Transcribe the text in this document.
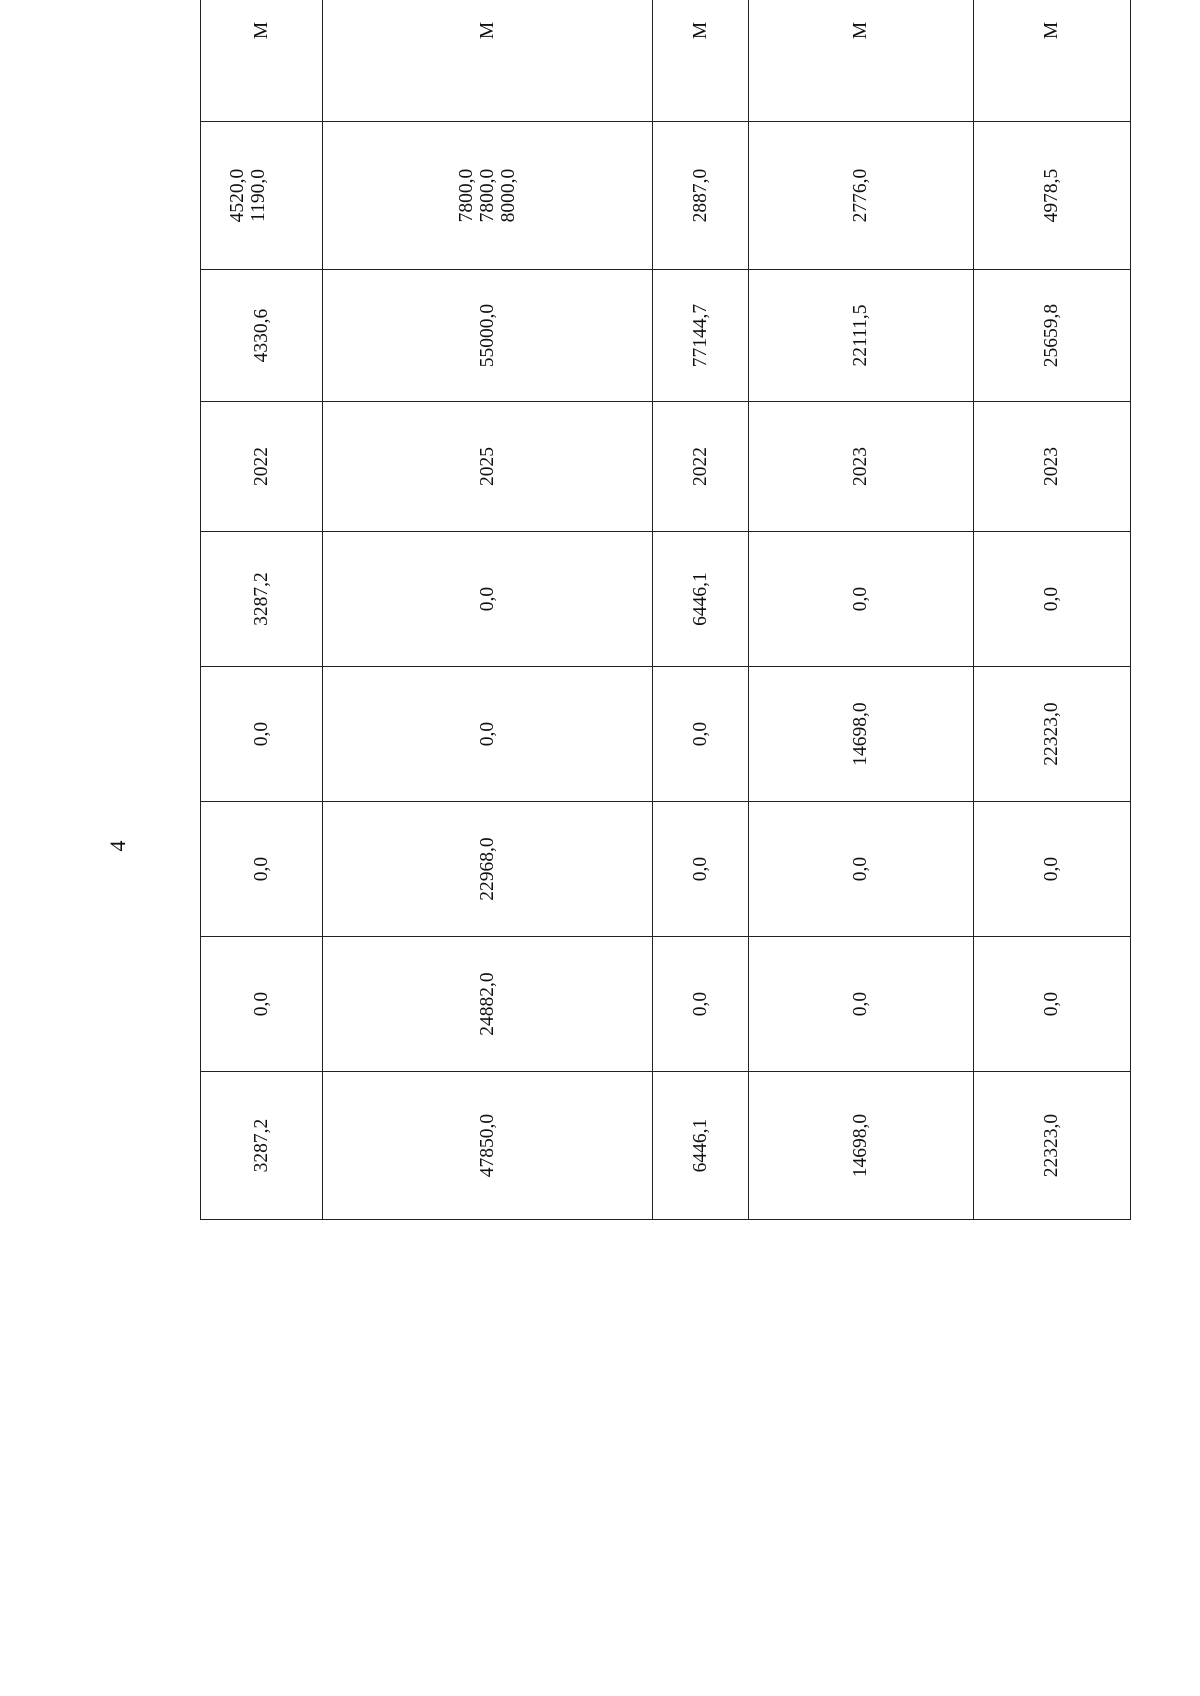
4
3287,2	0,0	0,0	0,0	3287,2	2022	4330,6	4520,0 1190,0	М
47850,0	24882,0	22968,0	0,0	0,0	2025	55000,0	7800,0 7800,0 8000,0	М
6446,1	0,0	0,0	0,0	6446,1	2022	77144,7	2887,0	М
14698,0	0,0	0,0	14698,0	0,0	2023	22111,5	2776,0	М
22323,0	0,0	0,0	22323,0	0,0	2023	25659,8	4978,5	М
